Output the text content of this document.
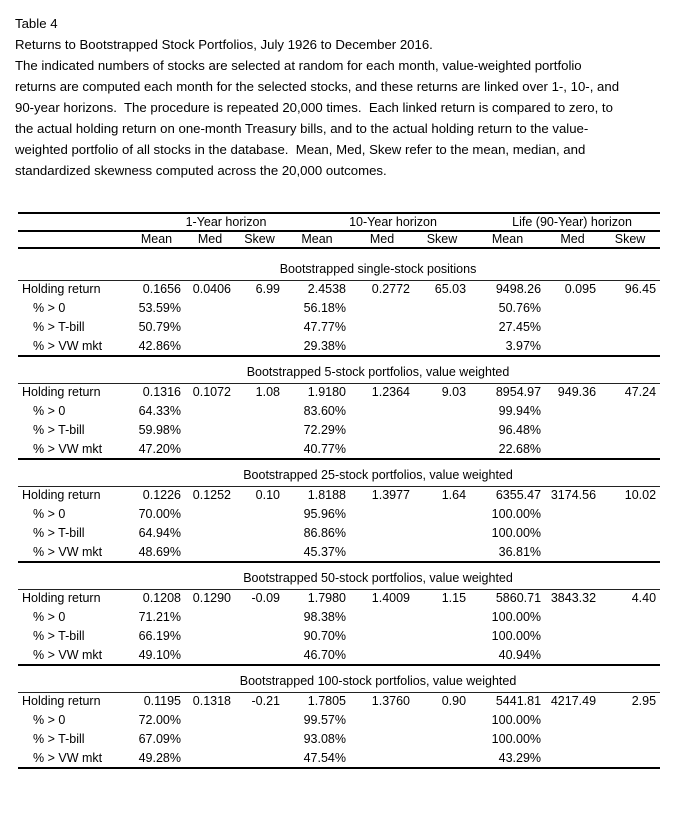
Table 4
Returns to Bootstrapped Stock Portfolios, July 1926 to December 2016.
The indicated numbers of stocks are selected at random for each month, value-weighted portfolio
returns are computed each month for the selected stocks, and these returns are linked over 1-, 10-, and
90-year horizons.  The procedure is repeated 20,000 times.  Each linked return is compared to zero, to
the actual holding return on one-month Treasury bills, and to the actual holding return to the value-
weighted portfolio of all stocks in the database.  Mean, Med, Skew refer to the mean, median, and
standardized skewness computed across the 20,000 outcomes.
	1-Year horizon			10-Year horizon			Life (90-Year) horizon		
	Mean	Med	Skew	Mean	Med	Skew	Mean	Med	Skew

Bootstrapped single-stock positions									
Holding return	0.1656	0.0406	6.99	2.4538	0.2772	65.03	9498.26	0.095	96.45
% > 0	53.59%			56.18%			50.76%		
% > T-bill	50.79%			47.77%			27.45%		
% > VW mkt	42.86%			29.38%			3.97%		

Bootstrapped 5-stock portfolios, value weighted									
Holding return	0.1316	0.1072	1.08	1.9180	1.2364	9.03	8954.97	949.36	47.24
% > 0	64.33%			83.60%			99.94%		
% > T-bill	59.98%			72.29%			96.48%		
% > VW mkt	47.20%			40.77%			22.68%		

Bootstrapped 25-stock portfolios, value weighted									
Holding return	0.1226	0.1252	0.10	1.8188	1.3977	1.64	6355.47	3174.56	10.02
% > 0	70.00%			95.96%			100.00%		
% > T-bill	64.94%			86.86%			100.00%		
% > VW mkt	48.69%			45.37%			36.81%		

Bootstrapped 50-stock portfolios, value weighted									
Holding return	0.1208	0.1290	-0.09	1.7980	1.4009	1.15	5860.71	3843.32	4.40
% > 0	71.21%			98.38%			100.00%		
% > T-bill	66.19%			90.70%			100.00%		
% > VW mkt	49.10%			46.70%			40.94%		

Bootstrapped 100-stock portfolios, value weighted									
Holding return	0.1195	0.1318	-0.21	1.7805	1.3760	0.90	5441.81	4217.49	2.95
% > 0	72.00%			99.57%			100.00%		
% > T-bill	67.09%			93.08%			100.00%		
% > VW mkt	49.28%			47.54%			43.29%		
